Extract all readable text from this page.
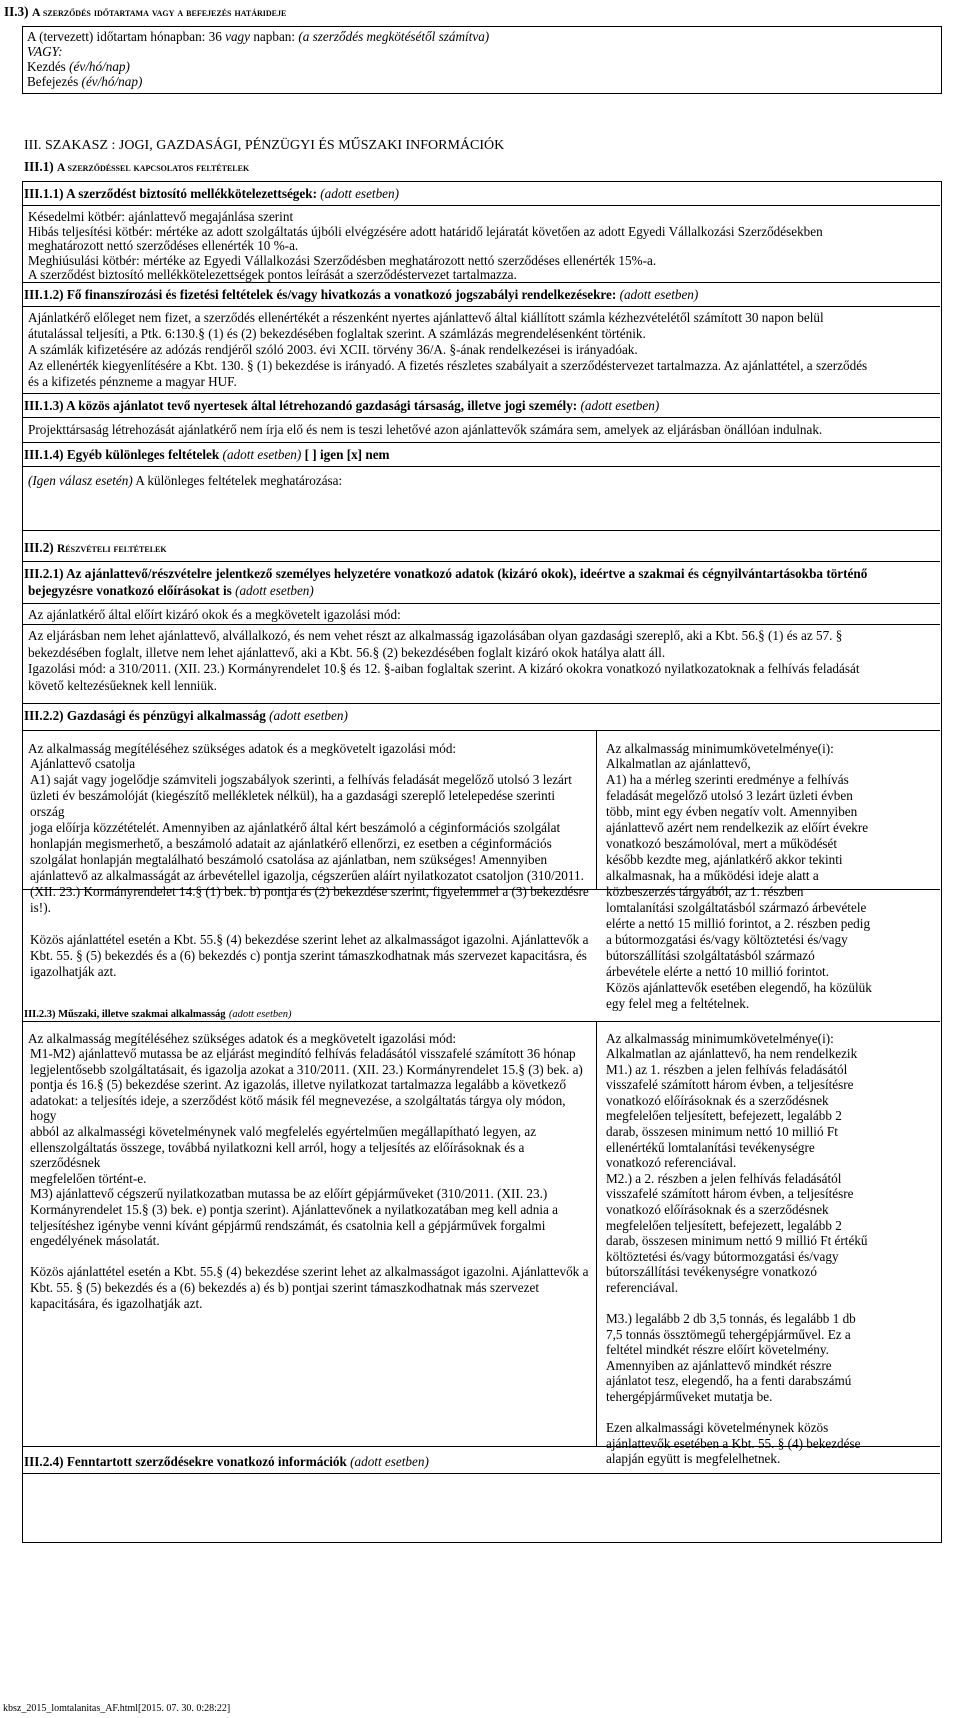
II.3) A szerződés időtartama vagy a befejezés határideje
A (tervezett) időtartam hónapban: 36 vagy napban: (a szerződés megkötésétől számítva)
VAGY:
Kezdés (év/hó/nap)
Befejezés (év/hó/nap)
III. SZAKASZ : JOGI, GAZDASÁGI, PÉNZÜGYI ÉS MŰSZAKI INFORMÁCIÓK
III.1) A szerződéssel kapcsolatos feltételek
III.1.1) A szerződést biztosító mellékkötelezettségek: (adott esetben)
Késedelmi kötbér: ajánlattevő megajánlása szerint
Hibás teljesítési kötbér: mértéke az adott szolgáltatás újbóli elvégzésére adott határidő lejáratát követően az adott Egyedi Vállalkozási Szerződésekben
meghatározott nettó szerződéses ellenérték 10 %-a.
Meghiúsulási kötbér: mértéke az Egyedi Vállalkozási Szerződésben meghatározott nettó szerződéses ellenérték 15%-a.
A szerződést biztosító mellékkötelezettségek pontos leírását a szerződéstervezet tartalmazza.
III.1.2) Fő finanszírozási és fizetési feltételek és/vagy hivatkozás a vonatkozó jogszabályi rendelkezésekre: (adott esetben)
Ajánlatkérő előleget nem fizet, a szerződés ellenértékét a részenként nyertes ajánlattevő által kiállított számla kézhezvételétől számított 30 napon belül
átutalással teljesíti, a Ptk. 6:130.§ (1) és (2) bekezdésében foglaltak szerint. A számlázás megrendelésenként történik.
A számlák kifizetésére az adózás rendjéről szóló 2003. évi XCII. törvény 36/A. §-ának rendelkezései is irányadóak.
Az ellenérték kiegyenlítésére a Kbt. 130. § (1) bekezdése is irányadó. A fizetés részletes szabályait a szerződéstervezet tartalmazza. Az ajánlattétel, a szerződés
és a kifizetés pénzneme a magyar HUF.
III.1.3) A közös ajánlatot tevő nyertesek által létrehozandó gazdasági társaság, illetve jogi személy: (adott esetben)
Projekttársaság létrehozását ajánlatkérő nem írja elő és nem is teszi lehetővé azon ajánlattevők számára sem, amelyek az eljárásban önállóan indulnak.
III.1.4) Egyéb különleges feltételek (adott esetben) [ ] igen [x] nem
(Igen válasz esetén) A különleges feltételek meghatározása:
III.2) Részvételi feltételek
III.2.1) Az ajánlattevő/részvételre jelentkező személyes helyzetére vonatkozó adatok (kizáró okok), ideértve a szakmai és cégnyilvántartásokba történő
bejegyzésre vonatkozó előírásokat is (adott esetben)
Az ajánlatkérő által előírt kizáró okok és a megkövetelt igazolási mód:
Az eljárásban nem lehet ajánlattevő, alvállalkozó, és nem vehet részt az alkalmasság igazolásában olyan gazdasági szereplő, aki a Kbt. 56.§ (1) és az 57. §
bekezdésében foglalt, illetve nem lehet ajánlattevő, aki a Kbt. 56.§ (2) bekezdésében foglalt kizáró okok hatálya alatt áll.
Igazolási mód: a 310/2011. (XII. 23.) Kormányrendelet 10.§ és 12. §-aiban foglaltak szerint. A kizáró okokra vonatkozó nyilatkozatoknak a felhívás feladását
követő keltezésűeknek kell lenniük.
III.2.2) Gazdasági és pénzügyi alkalmasság (adott esetben)
Az alkalmasság megítéléséhez szükséges adatok és a megkövetelt igazolási mód:	Az alkalmasság minimumkövetelménye(i):
Ajánlattevő csatolja
A1) saját vagy jogelődje számviteli jogszabályok szerinti, a felhívás feladását megelőző utolsó 3 lezárt
üzleti év beszámolóját (kiegészítő mellékletek nélkül), ha a gazdasági szereplő letelepedése szerinti ország
joga előírja közzétételét. Amennyiben az ajánlatkérő által kért beszámoló a céginformációs szolgálat
honlapján megismerhető, a beszámoló adatait az ajánlatkérő ellenőrzi, ez esetben a céginformációs
szolgálat honlapján megtalálható beszámoló csatolása az ajánlatban, nem szükséges! Amennyiben
ajánlattevő az alkalmasságát az árbevétellel igazolja, cégszerűen aláírt nyilatkozatot csatoljon (310/2011.
(XII. 23.) Kormányrendelet 14.§ (1) bek. b) pontja és (2) bekezdése szerint, figyelemmel a (3) bekezdésre
is!).
Közös ajánlattétel esetén a Kbt. 55.§ (4) bekezdése szerint lehet az alkalmasságot igazolni. Ajánlattevők a
Kbt. 55. § (5) bekezdés és a (6) bekezdés c) pontja szerint támaszkodhatnak más szervezet kapacitásra, és
igazolhatják azt.
Alkalmatlan az ajánlattevő,
A1) ha a mérleg szerinti eredménye a felhívás
feladását megelőző utolsó 3 lezárt üzleti évben
több, mint egy évben negatív volt. Amennyiben
ajánlattevő azért nem rendelkezik az előírt évekre
vonatkozó beszámolóval, mert a működését
később kezdte meg, ajánlatkérő akkor tekinti
alkalmasnak, ha a működési ideje alatt a
közbeszerzés tárgyából, az 1. részben
lomtalanítási szolgáltatásból származó árbevétele
elérte a nettó 15 millió forintot, a 2. részben pedig
a bútormozgatási és/vagy költöztetési és/vagy
bútorszállítási szolgáltatásból származó
árbevétele elérte a nettó 10 millió forintot.
Közös ajánlattevők esetében elegendő, ha közülük
egy felel meg a feltételnek.
III.2.3) Műszaki, illetve szakmai alkalmasság (adott esetben)
Az alkalmasság megítéléséhez szükséges adatok és a megkövetelt igazolási mód:	Az alkalmasság minimumkövetelménye(i):
M1-M2) ajánlattevő mutassa be az eljárást megindító felhívás feladásától visszafelé számított 36 hónap
legjelentősebb szolgáltatásait, és igazolja azokat a 310/2011. (XII. 23.) Kormányrendelet 15.§ (3) bek. a)
pontja és 16.§ (5) bekezdése szerint. Az igazolás, illetve nyilatkozat tartalmazza legalább a következő
adatokat: a teljesítés ideje, a szerződést kötő másik fél megnevezése, a szolgáltatás tárgya oly módon, hogy
abból az alkalmasségi követelménynek való megfelelés egyértelműen megállapítható legyen, az
ellenszolgáltatás összege, továbbá nyilatkozni kell arról, hogy a teljesítés az előírásoknak és a szerződésnek
megfelelően történt-e.
M3) ajánlattevő cégszerű nyilatkozatban mutassa be az előírt gépjárműveket (310/2011. (XII. 23.)
Kormányrendelet 15.§ (3) bek. e) pontja szerint). Ajánlattevőnek a nyilatkozatában meg kell adnia a
teljesítéshez igénybe venni kívánt gépjármű rendszámát, és csatolnia kell a gépjárművek forgalmi
engedélyének másolatát.
Közös ajánlattétel esetén a Kbt. 55.§ (4) bekezdése szerint lehet az alkalmasságot igazolni. Ajánlattevők a
Kbt. 55. § (5) bekezdés és a (6) bekezdés a) és b) pontjai szerint támaszkodhatnak más szervezet
kapacitására, és igazolhatják azt.
Alkalmatlan az ajánlattevő, ha nem rendelkezik
M1.) az 1. részben a jelen felhívás feladásától
visszafelé számított három évben, a teljesítésre
vonatkozó előírásoknak és a szerződésnek
megfelelően teljesített, befejezett, legalább 2
darab, összesen minimum nettó 10 millió Ft
ellenértékű lomtalanítási tevékenységre
vonatkozó referenciával.
M2.) a 2. részben a jelen felhívás feladásától
visszafelé számított három évben, a teljesítésre
vonatkozó előírásoknak és a szerződésnek
megfelelően teljesített, befejezett, legalább 2
darab, összesen minimum nettó 9 millió Ft értékű
költöztetési és/vagy bútormozgatási és/vagy
bútorszállítási tevékenységre vonatkozó
referenciával.
M3.) legalább 2 db 3,5 tonnás, és legalább 1 db
7,5 tonnás össztömegű tehergépjárművel. Ez a
feltétel mindkét részre előírt követelmény.
Amennyiben az ajánlattevő mindkét részre
ajánlatot tesz, elegendő, ha a fenti darabszámú
tehergépjárműveket mutatja be.
Ezen alkalmassági követelménynek közös
ajánlattevők esetében a Kbt. 55. § (4) bekezdése
alapján együtt is megfelelhetnek.
III.2.4) Fenntartott szerződésekre vonatkozó információk (adott esetben)
kbsz_2015_lomtalanitas_AF.html[2015. 07. 30. 0:28:22]
